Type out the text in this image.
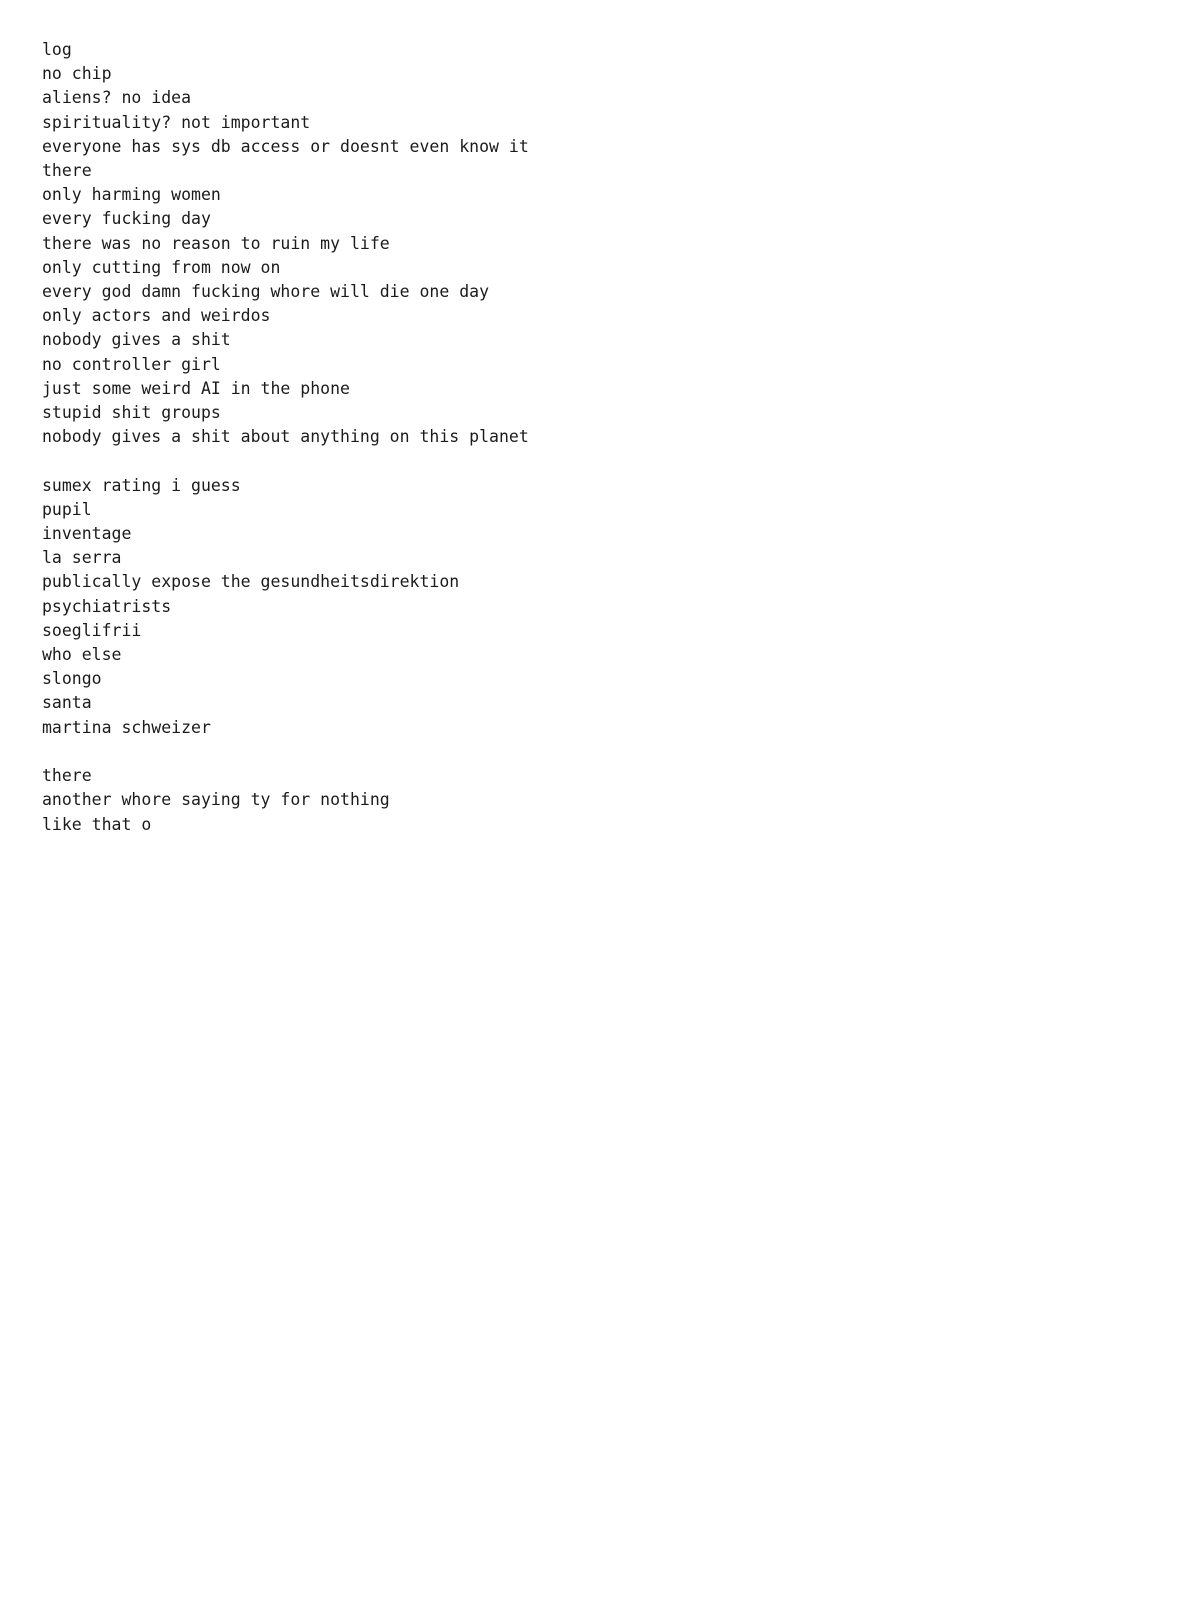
log
no chip
aliens? no idea
spirituality? not important
everyone has sys db access or doesnt even know it
there
only harming women
every fucking day
there was no reason to ruin my life
only cutting from now on
every god damn fucking whore will die one day
only actors and weirdos
nobody gives a shit
no controller girl
just some weird AI in the phone
stupid shit groups
nobody gives a shit about anything on this planet

sumex rating i guess
pupil
inventage
la serra
publically expose the gesundheitsdirektion
psychiatrists
soeglifrii
who else
slongo
santa
martina schweizer

there
another whore saying ty for nothing
like that o
